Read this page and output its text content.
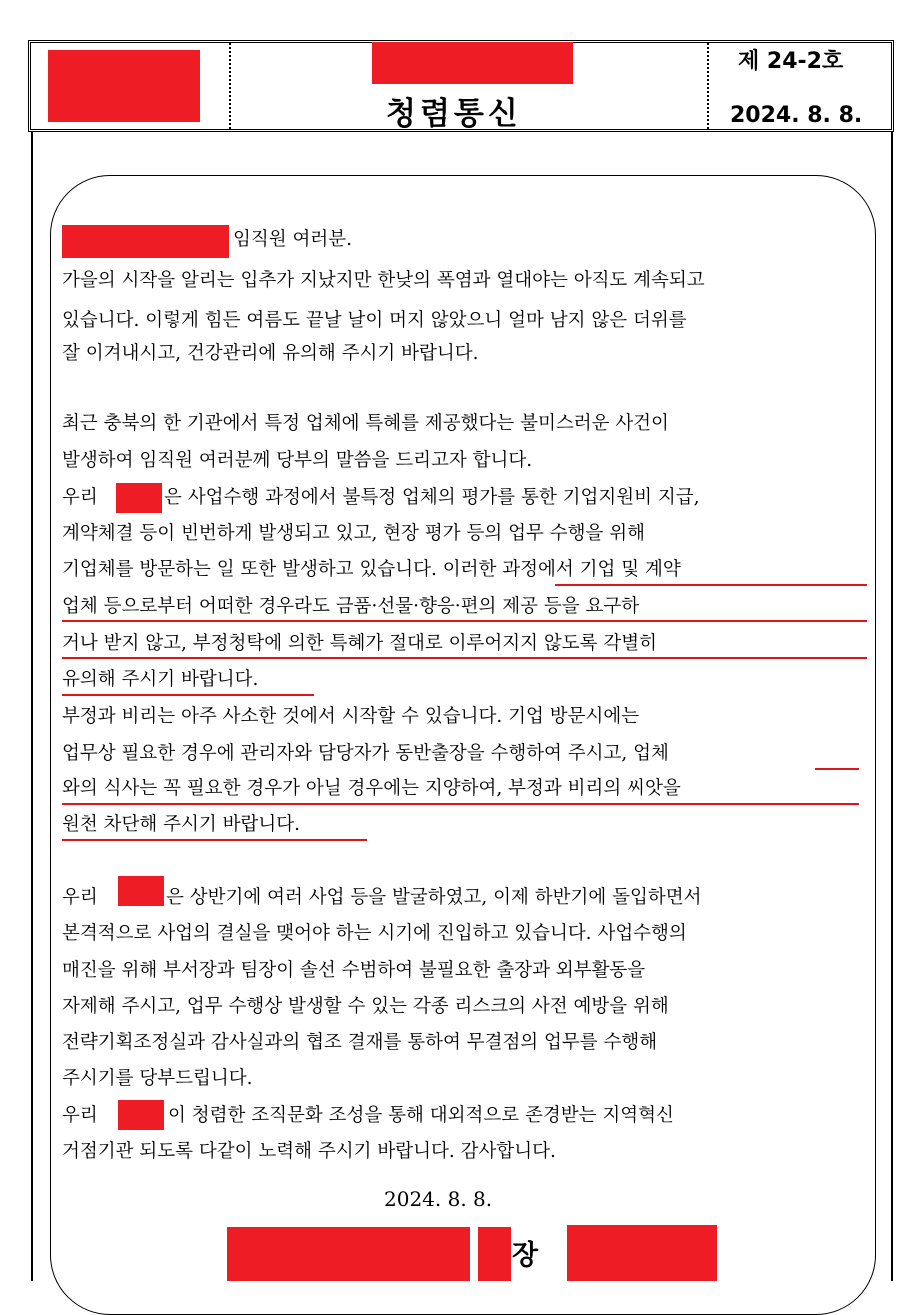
청렴통신
제 24-2호
2024. 8. 8.
임직원 여러분.
가을의 시작을 알리는 입추가 지났지만 한낮의 폭염과 열대야는 아직도 계속되고
있습니다. 이렇게 힘든 여름도 끝날 날이 머지 않았으니 얼마 남지 않은 더위를
잘 이겨내시고, 건강관리에 유의해 주시기 바랍니다.
최근 충북의 한 기관에서 특정 업체에 특혜를 제공했다는 불미스러운 사건이
발생하여 임직원 여러분께 당부의 말씀을 드리고자 합니다.
우리	은 사업수행 과정에서 불특정 업체의 평가를 통한 기업지원비 지급,
계약체결 등이 빈번하게 발생되고 있고, 현장 평가 등의 업무 수행을 위해
기업체를 방문하는 일 또한 발생하고 있습니다. 이러한 과정에서 기업 및 계약
업체 등으로부터 어떠한 경우라도 금품·선물·향응·편의 제공 등을 요구하
거나 받지 않고, 부정청탁에 의한 특혜가 절대로 이루어지지 않도록 각별히
유의해 주시기 바랍니다.
부정과 비리는 아주 사소한 것에서 시작할 수 있습니다. 기업 방문시에는
업무상 필요한 경우에 관리자와 담당자가 동반출장을 수행하여 주시고, 업체
와의 식사는 꼭 필요한 경우가 아닐 경우에는 지양하여, 부정과 비리의 씨앗을
원천 차단해 주시기 바랍니다.
우리	은 상반기에 여러 사업 등을 발굴하였고, 이제 하반기에 돌입하면서
본격적으로 사업의 결실을 맺어야 하는 시기에 진입하고 있습니다. 사업수행의
매진을 위해 부서장과 팀장이 솔선 수범하여 불필요한 출장과 외부활동을
자제해 주시고, 업무 수행상 발생할 수 있는 각종 리스크의 사전 예방을 위해
전략기획조정실과 감사실과의 협조 결재를 통하여 무결점의 업무를 수행해
주시기를 당부드립니다.
우리	이 청렴한 조직문화 조성을 통해 대외적으로 존경받는 지역혁신
거점기관 되도록 다같이 노력해 주시기 바랍니다. 감사합니다.
2024. 8. 8.
장
